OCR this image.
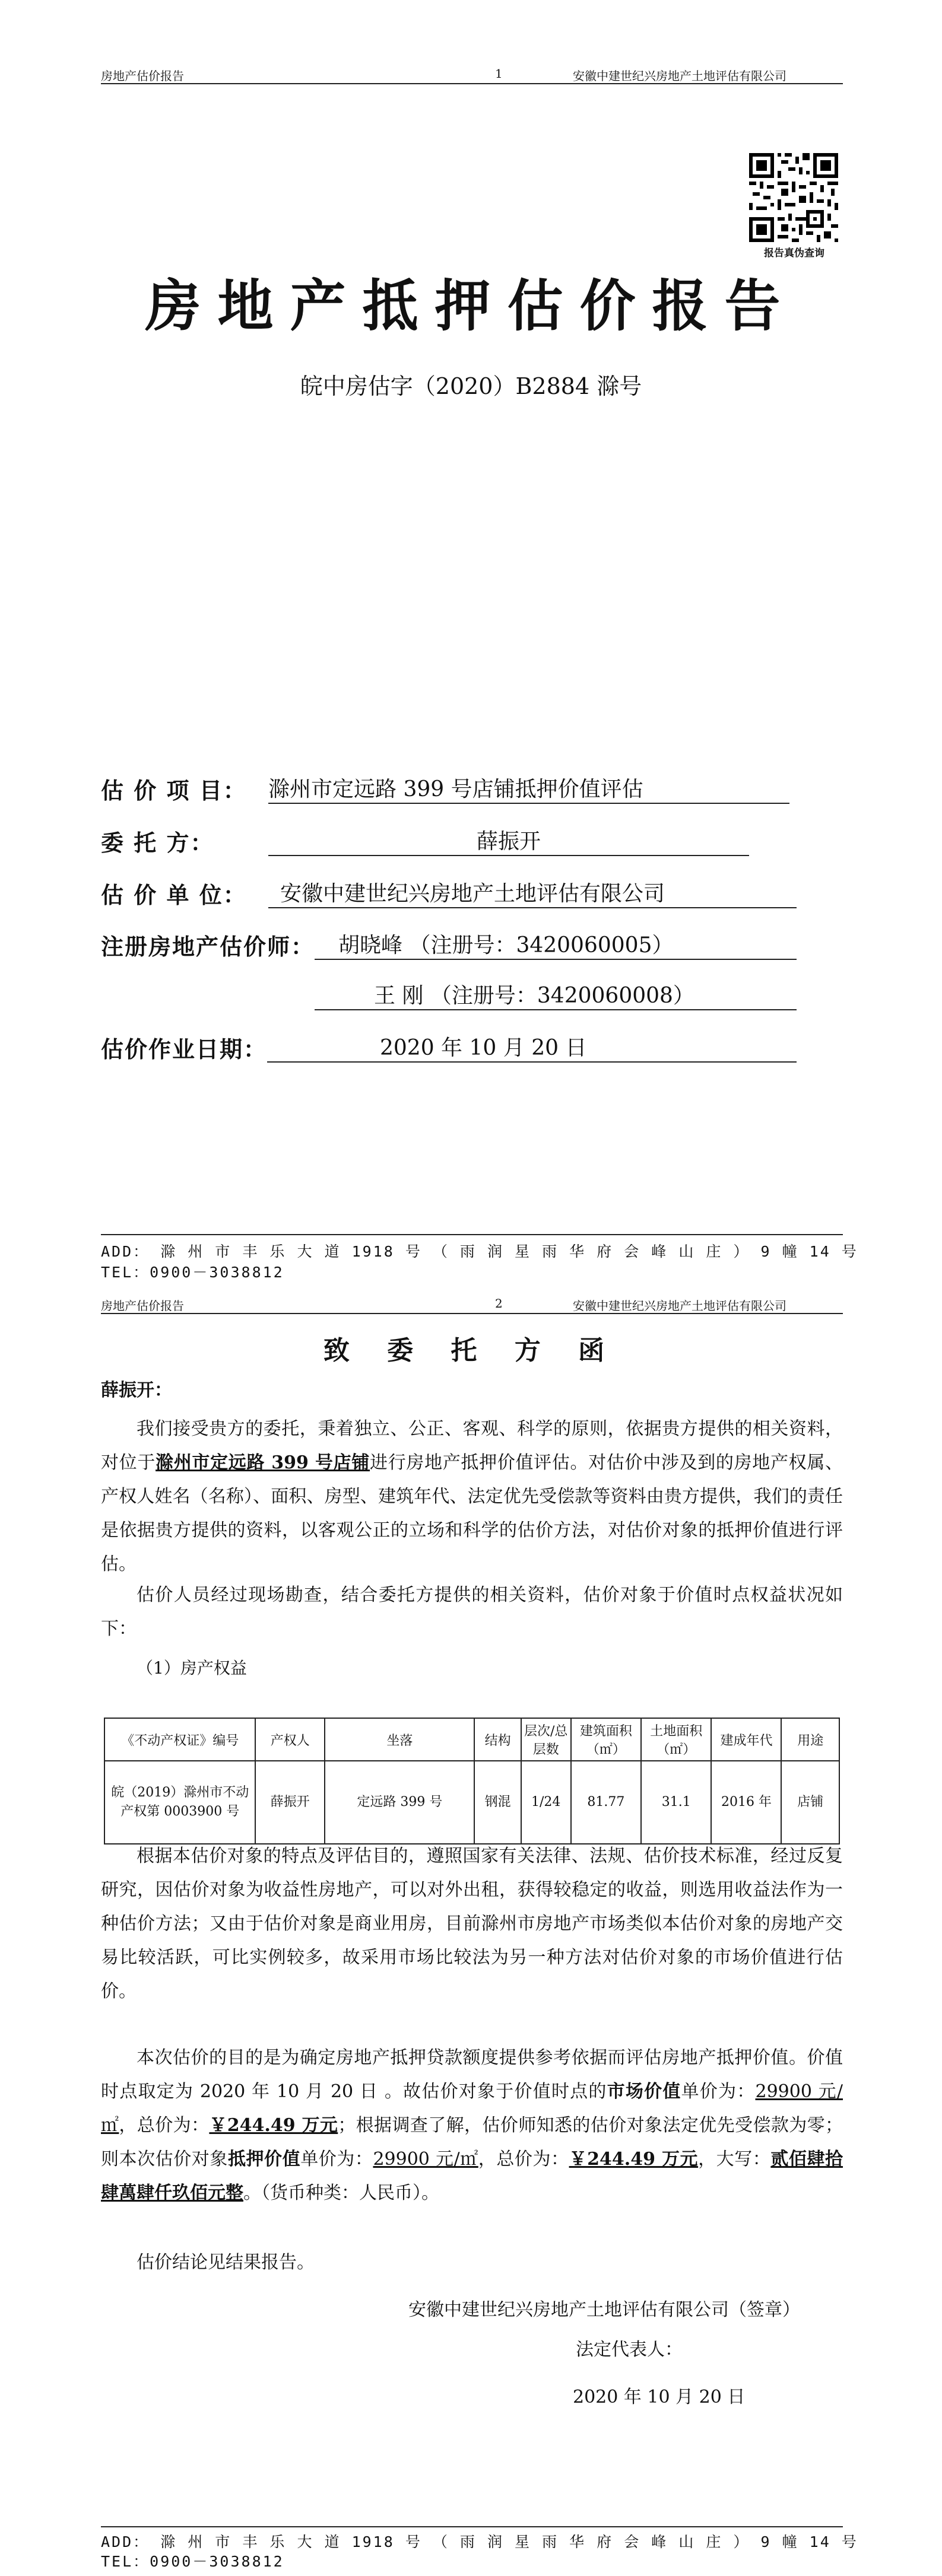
房地产估价报告	1	安徽中建世纪兴房地产土地评估有限公司
报告真伪查询
房地产抵押估价报告
皖中房估字（2020）B2884 滁号
估 价 项 目： 滁州市定远路 399 号店铺抵押价值评估
委 托 方：	薛振开
估 价 单 位：	安徽中建世纪兴房地产土地评估有限公司
注册房地产估价师：	胡晓峰 （注册号：3420060005）
王 刚 （注册号：3420060008）
估价作业日期：	2020 年 10 月 20 日
ADD： 滁 州 市 丰 乐 大 道 1918 号 （ 雨 润 星 雨 华 府 会 峰 山 庄 ） 9 幢 14 号
TEL：0900－3038812
房地产估价报告	2	安徽中建世纪兴房地产土地评估有限公司
致 委 托 方 函
薛振开：
我们接受贵方的委托，秉着独立、公正、客观、科学的原则，依据贵方提供的相关资料，对位于滁州市定远路 399 号店铺进行房地产抵押价值评估。对估价中涉及到的房地产权属、产权人姓名（名称）、面积、房型、建筑年代、法定优先受偿款等资料由贵方提供，我们的责任是依据贵方提供的资料，以客观公正的立场和科学的估价方法，对估价对象的抵押价值进行评估。
估价人员经过现场勘查，结合委托方提供的相关资料，估价对象于价值时点权益状况如下：
（1）房产权益
《不动产权证》编号	产权人	坐落	结构	层次/总层数	建筑面积（㎡）	土地面积（㎡）	建成年代	用途
皖（2019）滁州市不动产权第 0003900 号	薛振开	定远路 399 号	钢混	1/24	81.77	31.1	2016 年	店铺
根据本估价对象的特点及评估目的，遵照国家有关法律、法规、估价技术标准，经过反复研究，因估价对象为收益性房地产，可以对外出租，获得较稳定的收益，则选用收益法作为一种估价方法；又由于估价对象是商业用房，目前滁州市房地产市场类似本估价对象的房地产交易比较活跃，可比实例较多，故采用市场比较法为另一种方法对估价对象的市场价值进行估价。
本次估价的目的是为确定房地产抵押贷款额度提供参考依据而评估房地产抵押价值。价值时点取定为 2020 年 10 月 20 日 。故估价对象于价值时点的市场价值单价为：29900 元/㎡，总价为：￥244.49 万元；根据调查了解，估价师知悉的估价对象法定优先受偿款为零；则本次估价对象抵押价值单价为：29900 元/㎡，总价为：￥244.49 万元，大写：贰佰肆拾肆萬肆仟玖佰元整。（货币种类：人民币）。
估价结论见结果报告。
安徽中建世纪兴房地产土地评估有限公司（签章）
法定代表人：
2020 年 10 月 20 日
ADD： 滁 州 市 丰 乐 大 道 1918 号 （ 雨 润 星 雨 华 府 会 峰 山 庄 ） 9 幢 14 号
TEL：0900－3038812
